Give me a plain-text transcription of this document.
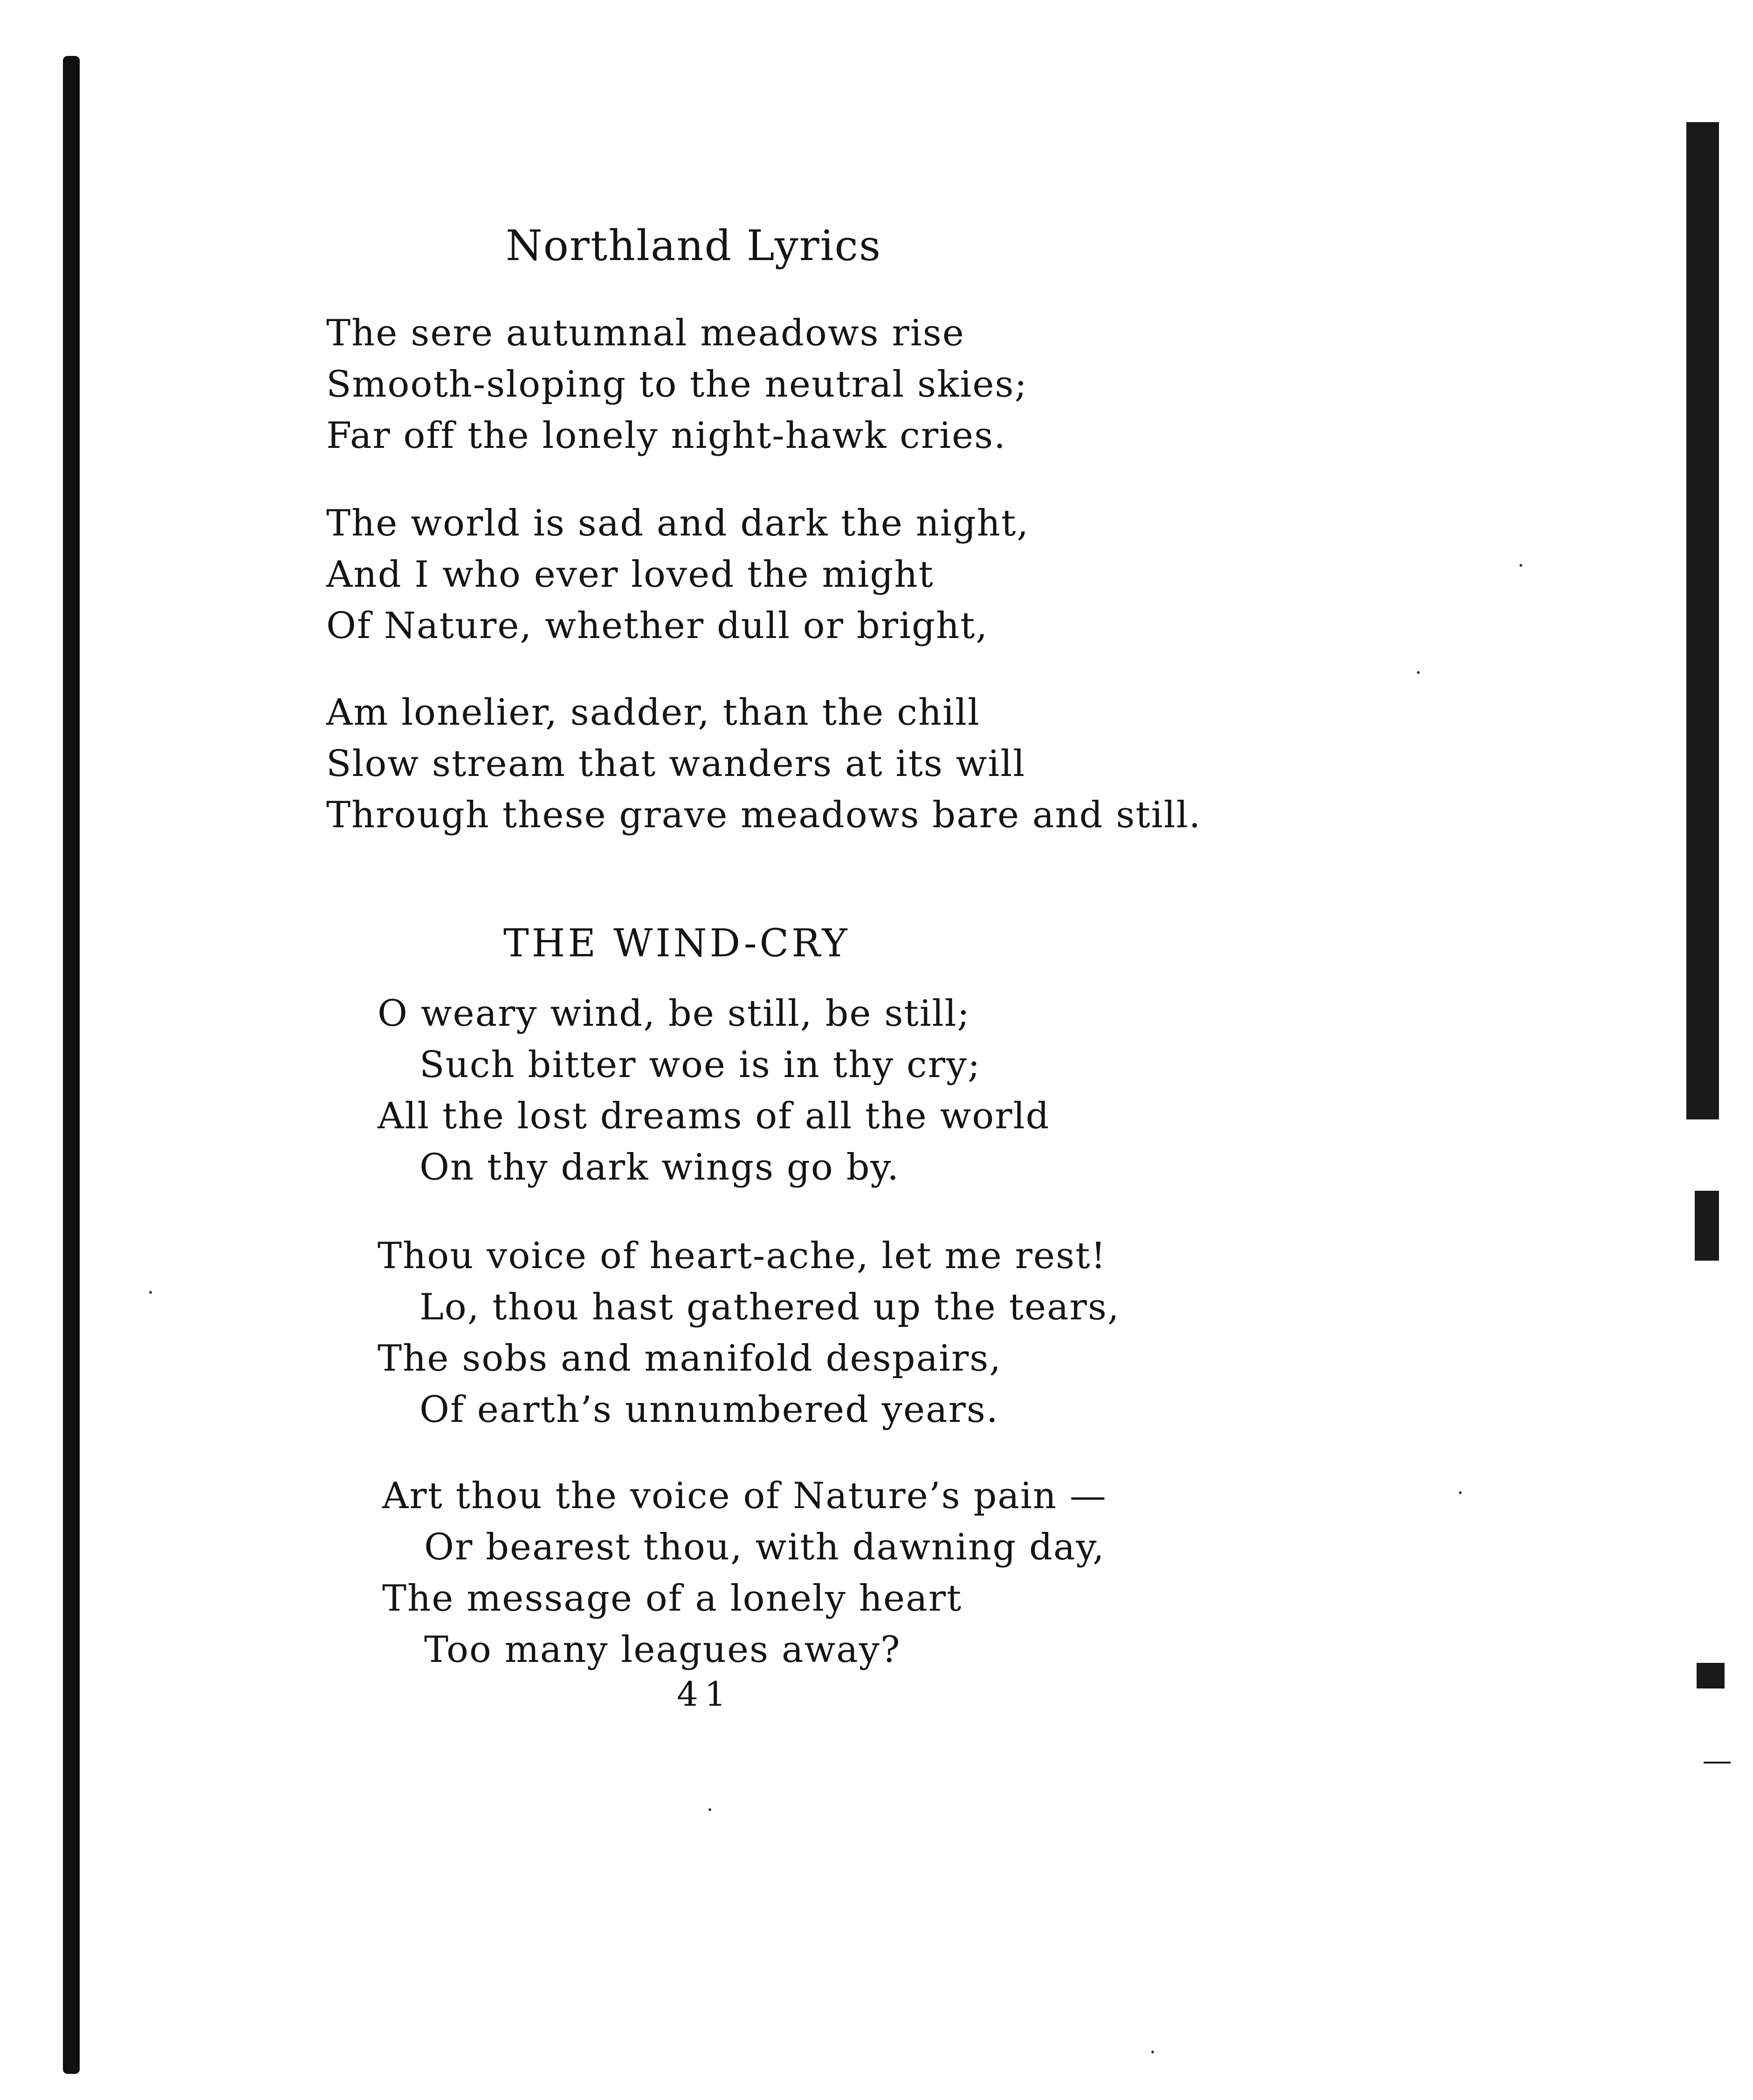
Northland Lyrics
The sere autumnal meadows rise
Smooth-sloping to the neutral skies;
Far off the lonely night-hawk cries.
The world is sad and dark the night,
And I who ever loved the might
Of Nature, whether dull or bright,
Am lonelier, sadder, than the chill
Slow stream that wanders at its will
Through these grave meadows bare and still.
THE WIND-CRY
O weary wind, be still, be still;
Such bitter woe is in thy cry;
All the lost dreams of all the world
On thy dark wings go by.
Thou voice of heart-ache, let me rest!
Lo, thou hast gathered up the tears,
The sobs and manifold despairs,
Of earth’s unnumbered years.
Art thou the voice of Nature’s pain —
Or bearest thou, with dawning day,
The message of a lonely heart
Too many leagues away?
41
